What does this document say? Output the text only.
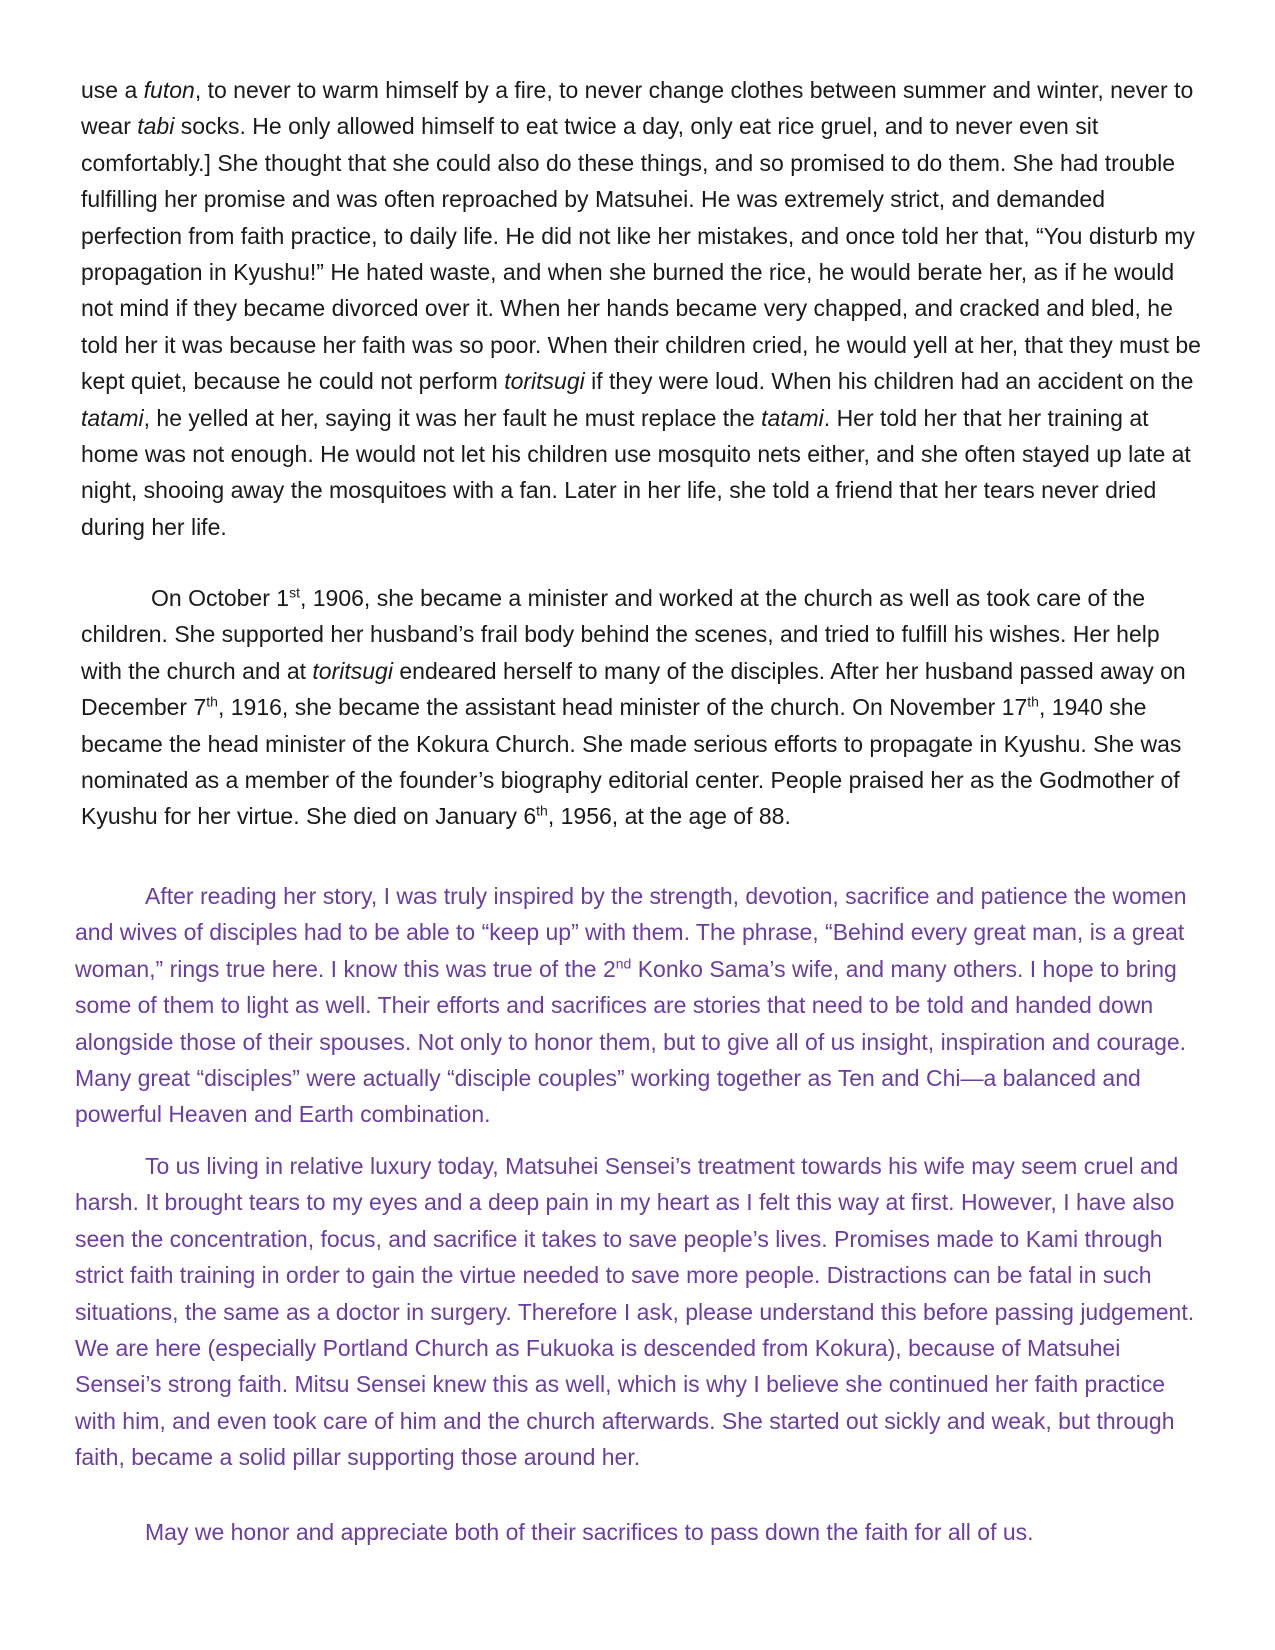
use a futon, to never to warm himself by a fire, to never change clothes between summer and winter, never to wear tabi socks. He only allowed himself to eat twice a day, only eat rice gruel, and to never even sit comfortably.] She thought that she could also do these things, and so promised to do them. She had trouble fulfilling her promise and was often reproached by Matsuhei. He was extremely strict, and demanded perfection from faith practice, to daily life. He did not like her mistakes, and once told her that, “You disturb my propagation in Kyushu!” He hated waste, and when she burned the rice, he would berate her, as if he would not mind if they became divorced over it. When her hands became very chapped, and cracked and bled, he told her it was because her faith was so poor. When their children cried, he would yell at her, that they must be kept quiet, because he could not perform toritsugi if they were loud. When his children had an accident on the tatami, he yelled at her, saying it was her fault he must replace the tatami. Her told her that her training at home was not enough. He would not let his children use mosquito nets either, and she often stayed up late at night, shooing away the mosquitoes with a fan. Later in her life, she told a friend that her tears never dried during her life.

On October 1st, 1906, she became a minister and worked at the church as well as took care of the children. She supported her husband’s frail body behind the scenes, and tried to fulfill his wishes. Her help with the church and at toritsugi endeared herself to many of the disciples. After her husband passed away on December 7th, 1916, she became the assistant head minister of the church. On November 17th, 1940 she became the head minister of the Kokura Church. She made serious efforts to propagate in Kyushu. She was nominated as a member of the founder’s biography editorial center. People praised her as the Godmother of Kyushu for her virtue. She died on January 6th, 1956, at the age of 88.

After reading her story, I was truly inspired by the strength, devotion, sacrifice and patience the women and wives of disciples had to be able to “keep up” with them. The phrase, “Behind every great man, is a great woman,” rings true here. I know this was true of the 2nd Konko Sama’s wife, and many others. I hope to bring some of them to light as well. Their efforts and sacrifices are stories that need to be told and handed down alongside those of their spouses. Not only to honor them, but to give all of us insight, inspiration and courage. Many great “disciples” were actually “disciple couples” working together as Ten and Chi—a balanced and powerful Heaven and Earth combination.

To us living in relative luxury today, Matsuhei Sensei’s treatment towards his wife may seem cruel and harsh. It brought tears to my eyes and a deep pain in my heart as I felt this way at first. However, I have also seen the concentration, focus, and sacrifice it takes to save people’s lives. Promises made to Kami through strict faith training in order to gain the virtue needed to save more people. Distractions can be fatal in such situations, the same as a doctor in surgery. Therefore I ask, please understand this before passing judgement. We are here (especially Portland Church as Fukuoka is descended from Kokura), because of Matsuhei Sensei’s strong faith. Mitsu Sensei knew this as well, which is why I believe she continued her faith practice with him, and even took care of him and the church afterwards. She started out sickly and weak, but through faith, became a solid pillar supporting those around her.

May we honor and appreciate both of their sacrifices to pass down the faith for all of us.
